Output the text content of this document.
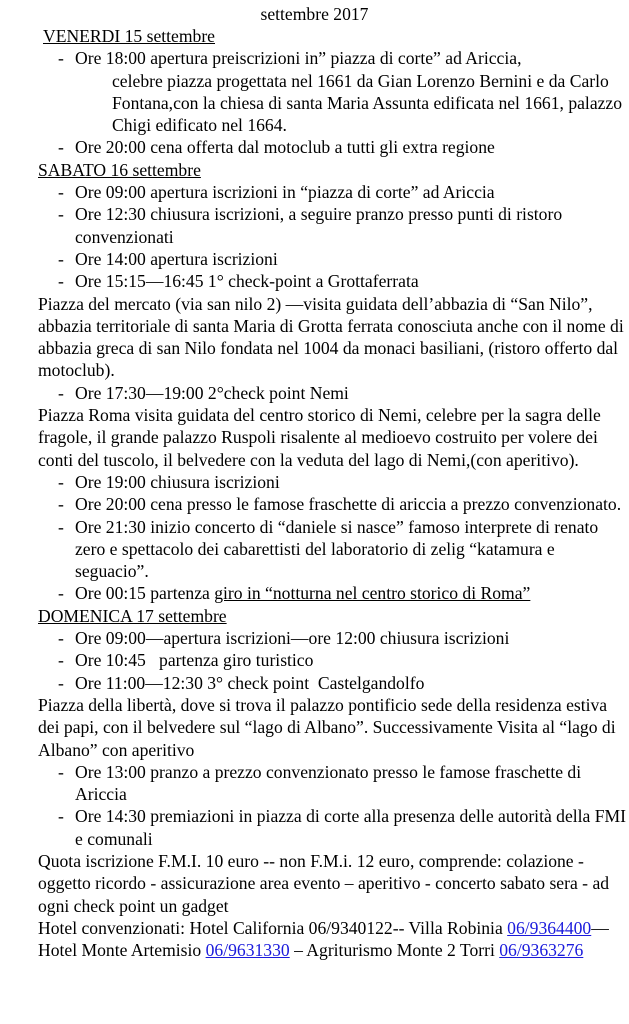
settembre 2017
VENERDI 15 settembre
- Ore 18:00 apertura preiscrizioni in” piazza di corte” ad Ariccia,
celebre piazza progettata nel 1661 da Gian Lorenzo Bernini e da Carlo Fontana,con la chiesa di santa Maria Assunta edificata nel 1661, palazzo Chigi edificato nel 1664.
- Ore 20:00 cena offerta dal motoclub a tutti gli extra regione
SABATO 16 settembre
- Ore 09:00 apertura iscrizioni in “piazza di corte” ad Ariccia
- Ore 12:30 chiusura iscrizioni, a seguire pranzo presso punti di ristoro convenzionati
- Ore 14:00 apertura iscrizioni
- Ore 15:15—16:45 1° check-point a Grottaferrata
Piazza del mercato (via san nilo 2) —visita guidata dell’abbazia di “San Nilo”, abbazia territoriale di santa Maria di Grotta ferrata conosciuta anche con il nome di abbazia greca di san Nilo fondata nel 1004 da monaci basiliani, (ristoro offerto dal motoclub).
- Ore 17:30—19:00 2°check point Nemi
Piazza Roma visita guidata del centro storico di Nemi, celebre per la sagra delle fragole, il grande palazzo Ruspoli risalente al medioevo costruito per volere dei conti del tuscolo, il belvedere con la veduta del lago di Nemi,(con aperitivo).
- Ore 19:00 chiusura iscrizioni
- Ore 20:00 cena presso le famose fraschette di ariccia a prezzo convenzionato.
- Ore 21:30 inizio concerto di “daniele si nasce” famoso interprete di renato zero e spettacolo dei cabarettisti del laboratorio di zelig “katamura e seguacio”.
- Ore 00:15 partenza giro in “notturna nel centro storico di Roma”
DOMENICA 17 settembre
- Ore 09:00—apertura iscrizioni—ore 12:00 chiusura iscrizioni
- Ore 10:45   partenza giro turistico
- Ore 11:00—12:30 3° check point  Castelgandolfo
Piazza della libertà, dove si trova il palazzo pontificio sede della residenza estiva dei papi, con il belvedere sul “lago di Albano”. Successivamente Visita al “lago di Albano” con aperitivo
- Ore 13:00 pranzo a prezzo convenzionato presso le famose fraschette di Ariccia
- Ore 14:30 premiazioni in piazza di corte alla presenza delle autorità della FMI e comunali
Quota iscrizione F.M.I. 10 euro -- non F.M.i. 12 euro, comprende: colazione - oggetto ricordo - assicurazione area evento – aperitivo - concerto sabato sera - ad ogni check point un gadget
Hotel convenzionati: Hotel California 06/9340122-- Villa Robinia 06/9364400—Hotel Monte Artemisio 06/9631330 – Agriturismo Monte 2 Torri 06/9363276
